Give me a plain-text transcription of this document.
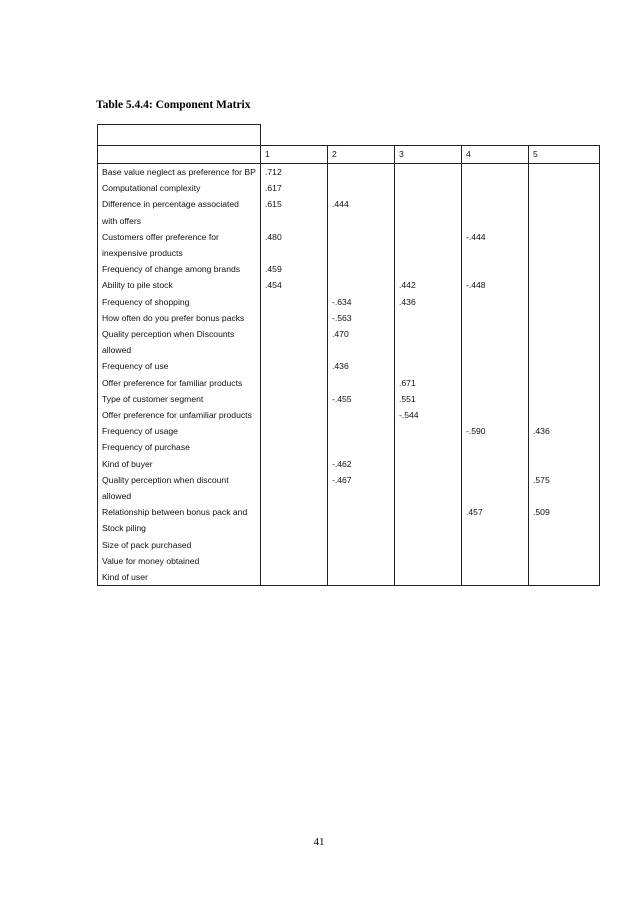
Table 5.4.4: Component Matrix

	1	2	3	4	5
Base value neglect as preference for BP	.712				
Computational complexity	.617				
Difference in percentage associated with offers	.615	.444			
Customers offer preference for inexpensive products	.480			-.444	
Frequency of change among brands	.459				
Ability to pile stock	.454		.442	-.448	
Frequency of shopping		-.634	.436		
How often do you prefer bonus packs		-.563			
Quality perception when Discounts allowed		.470			
Frequency of use		.436			
Offer preference for familiar products			.671		
Type of customer segment		-.455	.551		
Offer preference for unfamiliar products			-.544		
Frequency of usage				-.590	.436
Frequency of purchase					
Kind of buyer		-.462			
Quality perception when discount allowed		-.467			.575
Relationship between bonus pack and Stock piling				.457	.509
Size of pack purchased					
Value for money obtained					
Kind of user					
41
